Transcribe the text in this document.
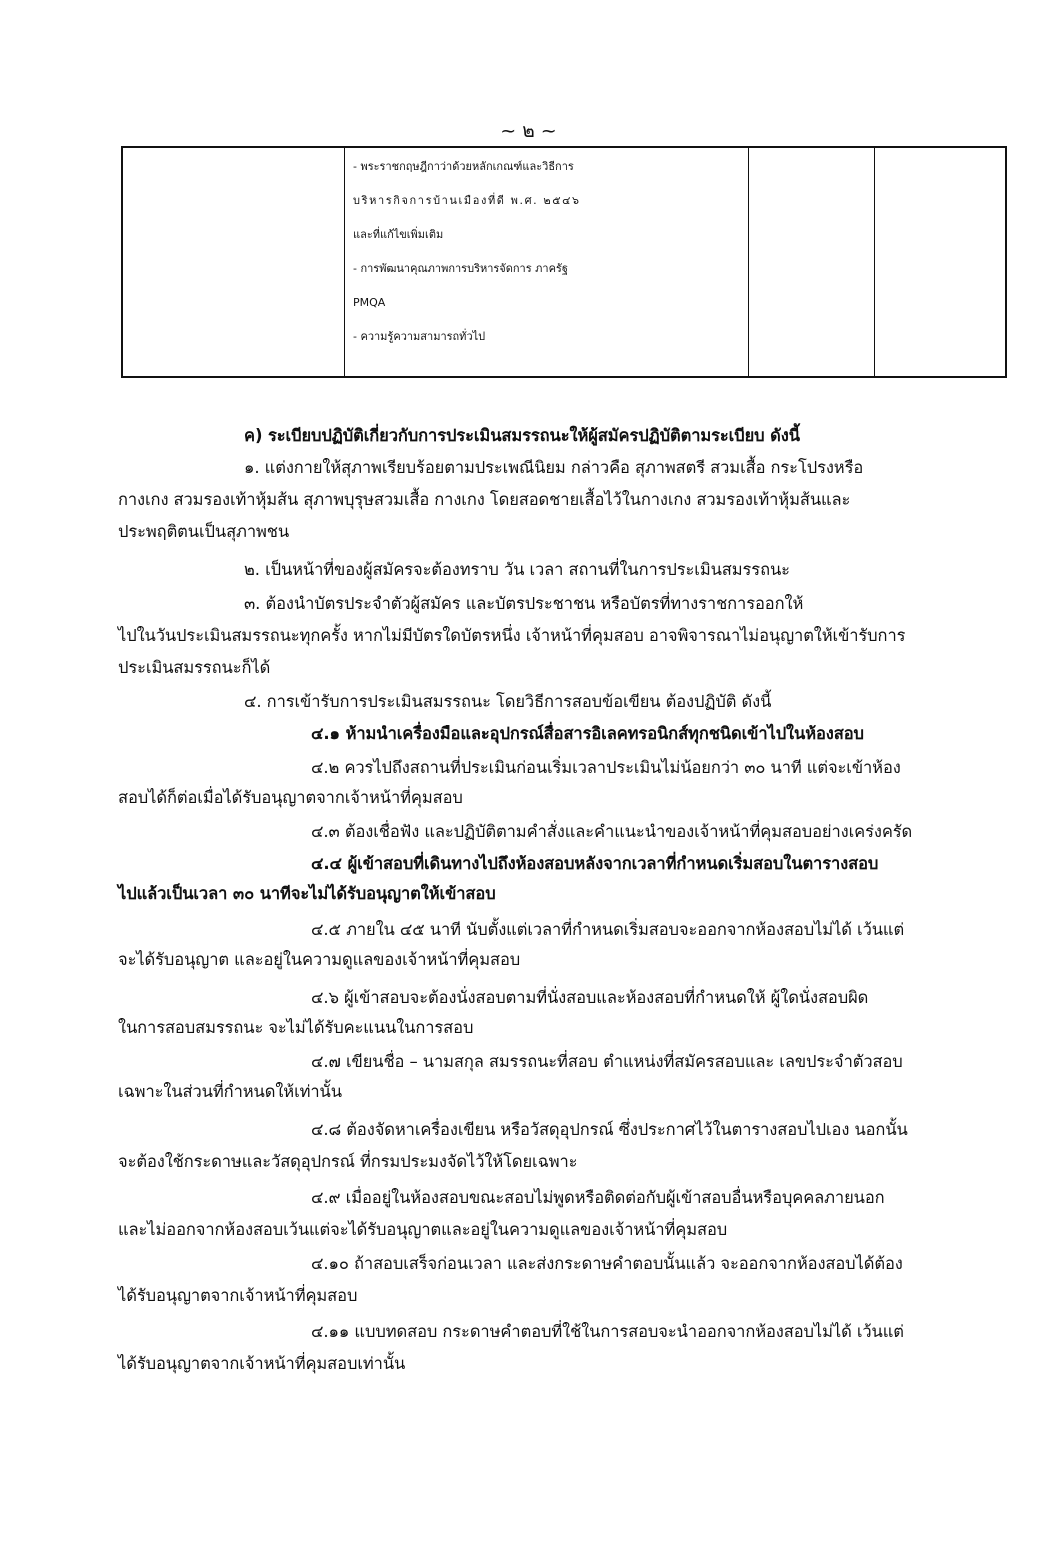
~ ๒ ~
- พระราชกฤษฎีกาว่าด้วยหลักเกณฑ์และวิธีการ
บริหารกิจการบ้านเมืองที่ดี พ.ศ. ๒๕๔๖
และที่แก้ไขเพิ่มเติม
- การพัฒนาคุณภาพการบริหารจัดการ ภาครัฐ
PMQA
- ความรู้ความสามารถทั่วไป
ค) ระเบียบปฏิบัติเกี่ยวกับการประเมินสมรรถนะให้ผู้สมัครปฏิบัติตามระเบียบ ดังนี้
๑. แต่งกายให้สุภาพเรียบร้อยตามประเพณีนิยม กล่าวคือ สุภาพสตรี สวมเสื้อ กระโปรงหรือ
กางเกง สวมรองเท้าหุ้มส้น สุภาพบุรุษสวมเสื้อ กางเกง โดยสอดชายเสื้อไว้ในกางเกง สวมรองเท้าหุ้มส้นและ
ประพฤติตนเป็นสุภาพชน
๒. เป็นหน้าที่ของผู้สมัครจะต้องทราบ วัน เวลา สถานที่ในการประเมินสมรรถนะ
๓. ต้องนำบัตรประจำตัวผู้สมัคร และบัตรประชาชน หรือบัตรที่ทางราชการออกให้
ไปในวันประเมินสมรรถนะทุกครั้ง หากไม่มีบัตรใดบัตรหนึ่ง เจ้าหน้าที่คุมสอบ อาจพิจารณาไม่อนุญาตให้เข้ารับการ
ประเมินสมรรถนะก็ได้
๔. การเข้ารับการประเมินสมรรถนะ โดยวิธีการสอบข้อเขียน ต้องปฏิบัติ ดังนี้
๔.๑ ห้ามนำเครื่องมือและอุปกรณ์สื่อสารอิเลคทรอนิกส์ทุกชนิดเข้าไปในห้องสอบ
๔.๒ ควรไปถึงสถานที่ประเมินก่อนเริ่มเวลาประเมินไม่น้อยกว่า ๓๐ นาที แต่จะเข้าห้อง
สอบได้ก็ต่อเมื่อได้รับอนุญาตจากเจ้าหน้าที่คุมสอบ
๔.๓ ต้องเชื่อฟัง และปฏิบัติตามคำสั่งและคำแนะนำของเจ้าหน้าที่คุมสอบอย่างเคร่งครัด
๔.๔ ผู้เข้าสอบที่เดินทางไปถึงห้องสอบหลังจากเวลาที่กำหนดเริ่มสอบในตารางสอบ
ไปแล้วเป็นเวลา ๓๐ นาทีจะไม่ได้รับอนุญาตให้เข้าสอบ
๔.๕ ภายใน ๔๕ นาที นับตั้งแต่เวลาที่กำหนดเริ่มสอบจะออกจากห้องสอบไม่ได้ เว้นแต่
จะได้รับอนุญาต และอยู่ในความดูแลของเจ้าหน้าที่คุมสอบ
๔.๖ ผู้เข้าสอบจะต้องนั่งสอบตามที่นั่งสอบและห้องสอบที่กำหนดให้ ผู้ใดนั่งสอบผิด
ในการสอบสมรรถนะ จะไม่ได้รับคะแนนในการสอบ
๔.๗ เขียนชื่อ – นามสกุล สมรรถนะที่สอบ ตำแหน่งที่สมัครสอบและ เลขประจำตัวสอบ
เฉพาะในส่วนที่กำหนดให้เท่านั้น
๔.๘ ต้องจัดหาเครื่องเขียน หรือวัสดุอุปกรณ์ ซึ่งประกาศไว้ในตารางสอบไปเอง นอกนั้น
จะต้องใช้กระดาษและวัสดุอุปกรณ์ ที่กรมประมงจัดไว้ให้โดยเฉพาะ
๔.๙ เมื่ออยู่ในห้องสอบขณะสอบไม่พูดหรือติดต่อกับผู้เข้าสอบอื่นหรือบุคคลภายนอก
และไม่ออกจากห้องสอบเว้นแต่จะได้รับอนุญาตและอยู่ในความดูแลของเจ้าหน้าที่คุมสอบ
๔.๑๐ ถ้าสอบเสร็จก่อนเวลา และส่งกระดาษคำตอบนั้นแล้ว จะออกจากห้องสอบได้ต้อง
ได้รับอนุญาตจากเจ้าหน้าที่คุมสอบ
๔.๑๑ แบบทดสอบ กระดาษคำตอบที่ใช้ในการสอบจะนำออกจากห้องสอบไม่ได้ เว้นแต่
ได้รับอนุญาตจากเจ้าหน้าที่คุมสอบเท่านั้น
